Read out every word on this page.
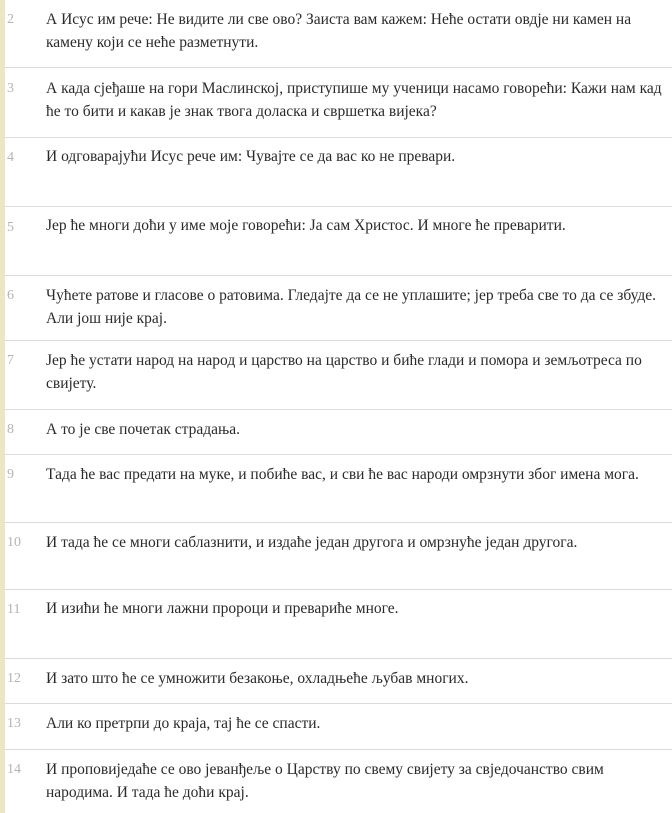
2 А Исус им рече: Не видите ли све ово? Заиста вам кажем: Неће остати овдје ни камен на камену који се неће разметнути.
3 А када сјеђаше на гори Маслинској, приступише му ученици насамо говорећи: Кажи нам кад ће то бити и какав је знак твога доласка и свршетка вијека?
4 И одговарајући Исус рече им: Чувајте се да вас ко не превари.
5 Јер ће многи доћи у име моје говорећи: Ја сам Христос. И многе ће преварити.
6 Чућете ратове и гласове о ратовима. Гледајте да се не уплашите; јер треба све то да се збуде. Али још није крај.
7 Јер ће устати народ на народ и царство на царство и биће глади и помора и земљотреса по свијету.
8 А то је све почетак страдања.
9 Тада ће вас предати на муке, и побиће вас, и сви ће вас народи омрзнути због имена мога.
10 И тада ће се многи саблазнити, и издаће један другога и омрзнуће један другога.
11 И изићи ће многи лажни пророци и превариће многе.
12 И зато што ће се умножити безакоње, охладњеће љубав многих.
13 Али ко претрпи до краја, тај ће се спасти.
14 И проповиједаће се ово јеванђеље о Царству по свему свијету за свједочанство свим народима. И тада ће доћи крај.
